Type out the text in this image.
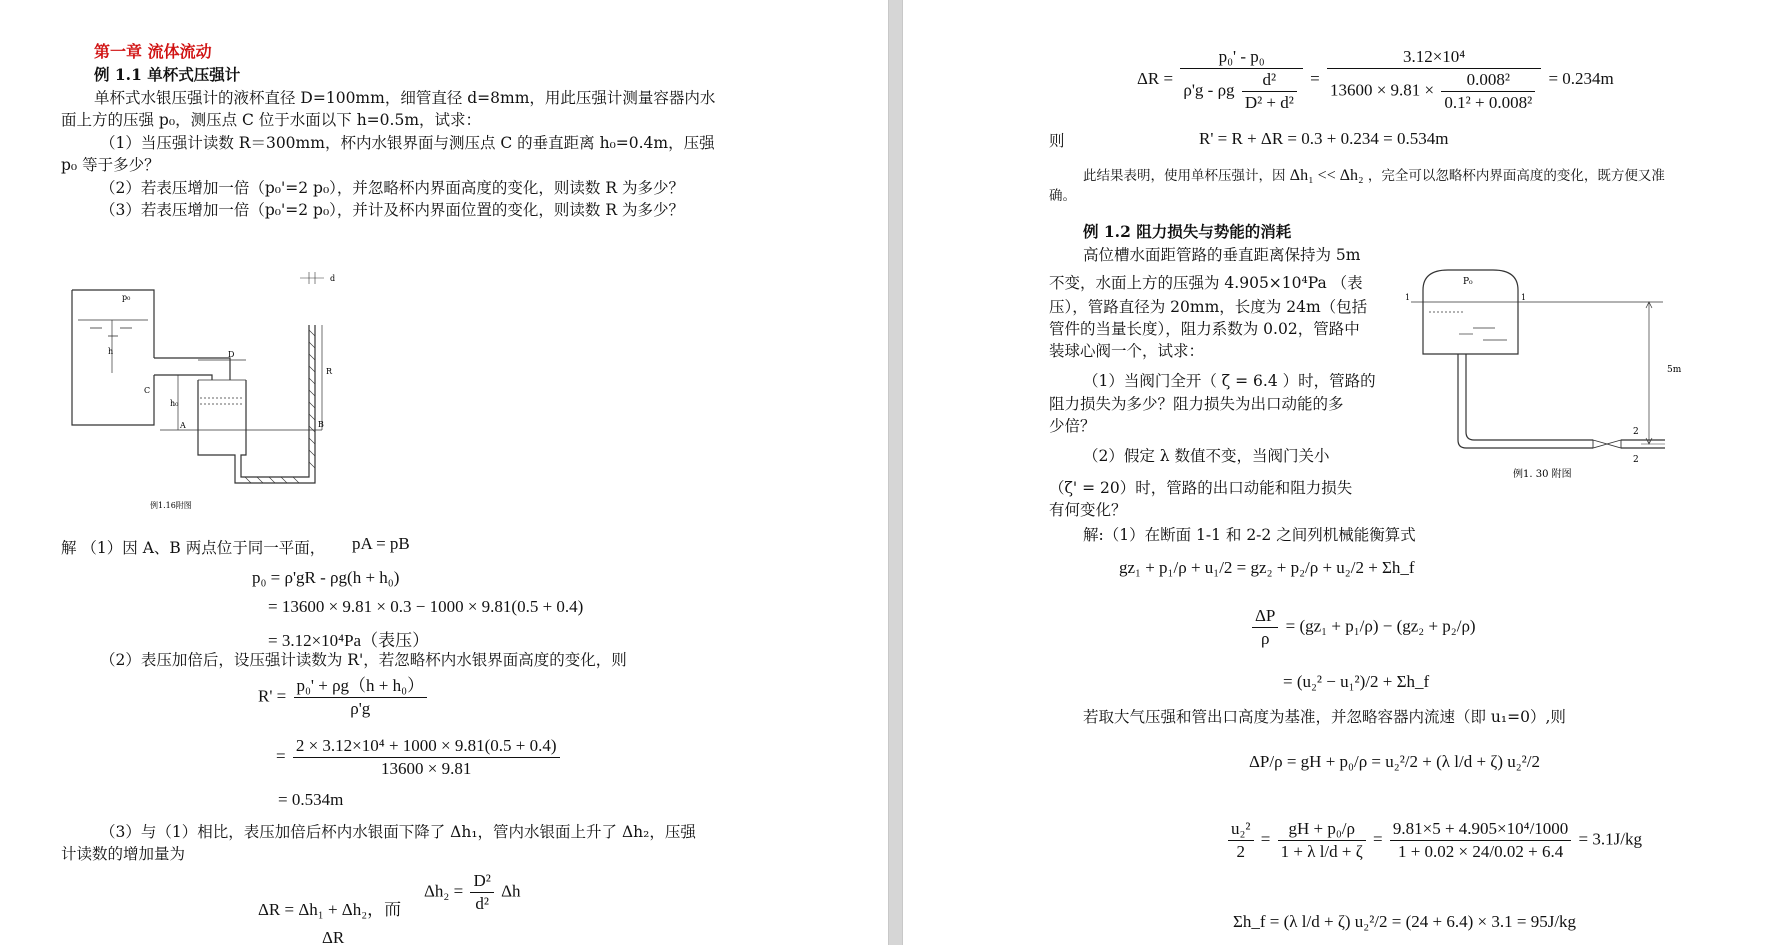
第一章 流体流动
例 1.1 单杯式压强计
单杯式水银压强计的液杯直径 D=100mm，细管直径 d=8mm，用此压强计测量容器内水
面上方的压强 p₀，测压点 C 位于水面以下 h=0.5m，试求：
（1）当压强计读数 R＝300mm，杯内水银界面与测压点 C 的垂直距离 h₀=0.4m，压强
p₀ 等于多少？
（2）若表压增加一倍（p₀'=2 p₀），并忽略杯内界面高度的变化，则读数 R 为多少？
（3）若表压增加一倍（p₀'=2 p₀），并计及杯内界面位置的变化，则读数 R 为多少？
p₀
h
C
D
h₀
A	B
R
d
例1.16附图
解 （1）因 A、B 两点位于同一平面， pA = pB
p₀ = ρ'gR - ρg(h + h₀)
= 13600 × 9.81 × 0.3 − 1000 × 9.81(0.5 + 0.4)
= 3.12×10⁴Pa（表压）
（2）表压加倍后，设压强计读数为 R'，若忽略杯内水银界面高度的变化，则
$R' = \frac{\text{p₀' + ρg（h + h₀）}}{\rho'g}$
= $\frac{\text{2 × 3.12×10⁴ + 1000 × 9.81(0.5 + 0.4)}}{13600 \times 9.81}$
= 0.534m
（3）与（1）相比，表压加倍后杯内水银面下降了 Δh₁，管内水银面上升了 Δh₂，压强
计读数的增加量为
ΔR = Δh₁ + Δh₂，而
$\Delta h_2 = \frac{\text{D²}}{\text{d²}}$ Δh
ΔR
$\Delta R = \frac{\text{p₀' - p₀}}{\rho'g - \rho g \frac{\text{d²}}{\text{D² + d²}}}$ =
3.12×10⁴
$13600 \times 9.81 \times \frac{\text{0.008²}}{\text{0.1² + 0.008²}} = 0.234m$
则	R' = R + ΔR = 0.3 + 0.234 = 0.534m
此结果表明，使用单杯压强计，因 Δh₁ << Δh₂ ，完全可以忽略杯内界面高度的变化，既方便又准
确。
例 1.2 阻力损失与势能的消耗
高位槽水面距管路的垂直距离保持为 5m
不变，水面上方的压强为 4.905×10⁴Pa （表
压），管路直径为 20mm，长度为 24m（包括
管件的当量长度），阻力系数为 0.02，管路中
装球心阀一个，试求：
（1）当阀门全开（ ζ = 6.4 ）时，管路的
阻力损失为多少？阻力损失为出口动能的多
少倍？
（2）假定 λ 数值不变，当阀门关小
（ζ' = 20）时，管路的出口动能和阻力损失
有何变化？
P₀
1	1
5m
2
2
例1. 30 附图
解:（1）在断面 1-1 和 2-2 之间列机械能衡算式
gz₁ + p₁/ρ + u₁/2 = gz₂ + p₂/ρ + u₂/2 + Σh_f
$\frac{\Delta P}{\rho} = (gz_1 + p_1/\rho) - (gz_2 + p_2/\rho)$
= (u₂² − u₁²)/2 + Σh_f
若取大气压强和管出口高度为基准，并忽略容器内流速（即 u₁=0）,则
ΔP/ρ = gH + p₀/ρ = u₂²/2 + (λ l/d + ζ) u₂²/2
$\frac{\text{u₂²}}{2} = \frac{\text{gH + p₀/ρ}}{\text{1 + λ l/d + ζ}} = \frac{\text{9.81×5 + 4.905×10⁴/1000}}{1 + 0.02 \times 24/0.02 + 6.4} = 3.1J/kg$
Σh_f = (λ l/d + ζ) u₂²/2 = (24 + 6.4) × 3.1 = 95J/kg
